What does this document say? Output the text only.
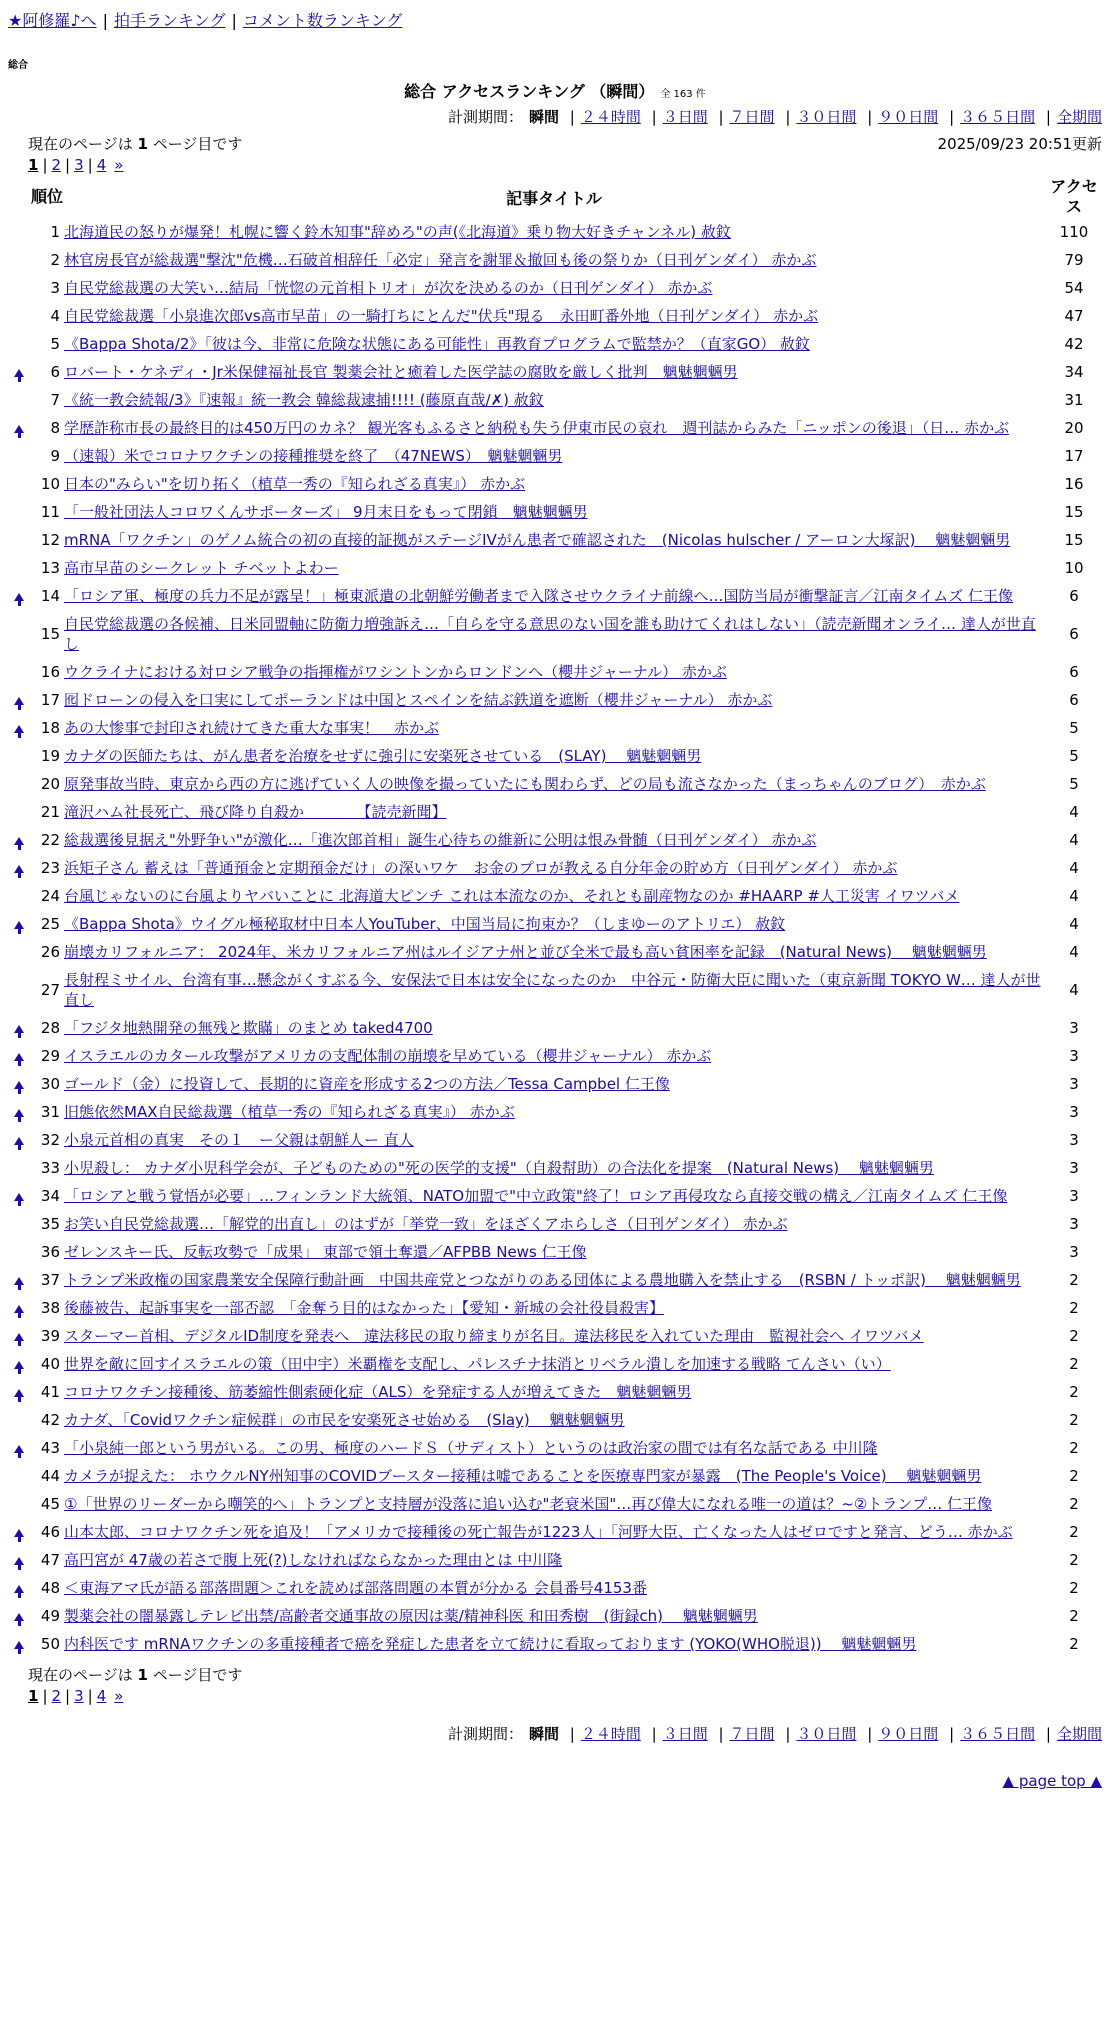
★阿修羅♪へ | 拍手ランキング | コメント数ランキング
総合
総合 アクセスランキング （瞬間） 全 163 件
計測期間： 瞬間 | ２４時間 | ３日間 | ７日間 | ３０日間 | ９０日間 | ３６５日間 | 全期間
現在のページは 1 ページ目です	2025/09/23 20:51更新
1 | 2 | 3 | 4 »
	順位	記事タイトル	アクセス
	1	北海道民の怒りが爆発！札幌に響く鈴木知事"辞めろ"の声(《北海道》乗り物大好きチャンネル) 赦鈫	110
	2	林官房長官が総裁選"撃沈"危機…石破首相辞任「必定」発言を謝罪＆撤回も後の祭りか（日刊ゲンダイ） 赤かぶ	79
	3	自民党総裁選の大笑い…結局「恍惚の元首相トリオ」が次を決めるのか（日刊ゲンダイ） 赤かぶ	54
	4	自民党総裁選「小泉進次郎vs高市早苗」の一騎打ちにとんだ"伏兵"現る　永田町番外地（日刊ゲンダイ） 赤かぶ	47
	5	《Bappa Shota/2》「彼は今、非常に危険な状態にある可能性」再教育プログラムで監禁か？（直家GO） 赦鈫	42
	6	ロバート・ケネディ・Jr米保健福祉長官 製薬会社と癒着した医学誌の腐敗を厳しく批判　魑魅魍魎男	34
	7	《統一教会続報/3》『速報』統一教会 韓総裁逮捕!!!! (藤原直哉/✗) 赦鈫	31
	8	学歴詐称市長の最終目的は450万円のカネ？ 観光客もふるさと納税も失う伊東市民の哀れ　週刊誌からみた「ニッポンの後退」（日… 赤かぶ	20
	9	（速報）米でコロナワクチンの接種推奨を終了　（47NEWS）　魑魅魍魎男	17
	10	日本の"みらい"を切り拓く（植草一秀の『知られざる真実』） 赤かぶ	16
	11	「一般社団法人コロワくんサポーターズ」 9月末日をもって閉鎖　魑魅魍魎男	15
	12	mRNA「ワクチン」のゲノム統合の初の直接的証拠がステージIVがん患者で確認された　(Nicolas hulscher / アーロン大塚訳)　 魑魅魍魎男	15
	13	高市早苗のシークレット チベットよわー	10
	14	「ロシア軍、極度の兵力不足が露呈！」極東派遣の北朝鮮労働者まで入隊させウクライナ前線へ…国防当局が衝撃証言／江南タイムズ 仁王像	6
	15	自民党総裁選の各候補、日米同盟軸に防衛力増強訴え…「自らを守る意思のない国を誰も助けてくれはしない」（読売新聞オンライ… 達人が世直し	6
	16	ウクライナにおける対ロシア戦争の指揮権がワシントンからロンドンへ（櫻井ジャーナル） 赤かぶ	6
	17	囮ドローンの侵入を口実にしてポーランドは中国とスペインを結ぶ鉄道を遮断（櫻井ジャーナル） 赤かぶ	6
	18	あの大惨事で封印され続けてきた重大な事実！　赤かぶ	5
	19	カナダの医師たちは、がん患者を治療をせずに強引に安楽死させている　(SLAY)　 魑魅魍魎男	5
	20	原発事故当時、東京から西の方に逃げていく人の映像を撮っていたにも関わらず、どの局も流さなかった（まっちゃんのブログ）　赤かぶ	5
	21	滝沢ハム社長死亡、飛び降り自殺か　　　　【読売新聞】	4
	22	総裁選後見据え"外野争い"が激化…「進次郎首相」誕生心待ちの維新に公明は恨み骨髄（日刊ゲンダイ） 赤かぶ	4
	23	浜矩子さん 蓄えは「普通預金と定期預金だけ」の深いワケ　お金のプロが教える自分年金の貯め方（日刊ゲンダイ） 赤かぶ	4
	24	台風じゃないのに台風よりヤバいことに 北海道大ピンチ これは本流なのか、それとも副産物なのか #HAARP #人工災害 イワツバメ	4
	25	《Bappa Shota》ウイグル極秘取材中日本人YouTuber、中国当局に拘束か？（しまゆーのアトリエ） 赦鈫	4
	26	崩壊カリフォルニア： 2024年、米カリフォルニア州はルイジアナ州と並び全米で最も高い貧困率を記録　(Natural News)　 魑魅魍魎男	4
	27	長射程ミサイル、台湾有事…懸念がくすぶる今、安保法で日本は安全になったのか　中谷元・防衛大臣に聞いた（東京新聞 TOKYO W… 達人が世直し	4
	28	「フジタ地熱開発の無残と欺瞞」のまとめ taked4700	3
	29	イスラエルのカタール攻撃がアメリカの支配体制の崩壊を早めている（櫻井ジャーナル） 赤かぶ	3
	30	ゴールド（金）に投資して、長期的に資産を形成する2つの方法／Tessa Campbel 仁王像	3
	31	旧態依然MAX自民総裁選（植草一秀の『知られざる真実』） 赤かぶ	3
	32	小泉元首相の真実　その１　ー父親は朝鮮人ー 直人	3
	33	小児殺し： カナダ小児科学会が、子どものための"死の医学的支援"（自殺幇助）の合法化を提案　(Natural News)　 魑魅魍魎男	3
	34	「ロシアと戦う覚悟が必要」…フィンランド大統領、NATO加盟で"中立政策"終了！ロシア再侵攻なら直接交戦の構え／江南タイムズ 仁王像	3
	35	お笑い自民党総裁選…「解党的出直し」のはずが「挙党一致」をほざくアホらしさ（日刊ゲンダイ） 赤かぶ	3
	36	ゼレンスキー氏、反転攻勢で「成果」 東部で領土奪還／AFPBB News 仁王像	3
	37	トランプ米政権の国家農業安全保障行動計画　中国共産党とつながりのある団体による農地購入を禁止する　(RSBN / トッポ訳)　 魑魅魍魎男	2
	38	後藤被告、起訴事実を一部否認　「金奪う目的はなかった」【愛知・新城の会社役員殺害】	2
	39	スターマー首相、デジタルID制度を発表へ　違法移民の取り締まりが名目。違法移民を入れていた理由　監視社会へ イワツバメ	2
	40	世界を敵に回すイスラエルの策（田中宇）米覇権を支配し、パレスチナ抹消とリベラル潰しを加速する戦略 てんさい（い）	2
	41	コロナワクチン接種後、筋萎縮性側索硬化症（ALS）を発症する人が増えてきた　魑魅魍魎男	2
	42	カナダ、「Covidワクチン症候群」の市民を安楽死させ始める　(Slay)　 魑魅魍魎男	2
	43	「小泉純一郎という男がいる。この男、極度のハードＳ（サディスト）というのは政治家の間では有名な話である 中川隆	2
	44	カメラが捉えた： ホウクルNY州知事のCOVIDブースター接種は嘘であることを医療専門家が暴露　(The People's Voice)　 魑魅魍魎男	2
	45	①「世界のリーダーから嘲笑的へ」トランプと支持層が没落に追い込む"老衰米国"…再び偉大になれる唯一の道は？~②トランプ… 仁王像	2
	46	山本太郎、コロナワクチン死を追及！「アメリカで接種後の死亡報告が1223人」「河野大臣、亡くなった人はゼロですと発言、どう… 赤かぶ	2
	47	高円宮が 47歳の若さで腹上死(?)しなければならなかった理由とは 中川隆	2
	48	＜東海アマ氏が語る部落問題＞これを読めば部落問題の本質が分かる 会員番号4153番	2
	49	製薬会社の闇暴露しテレビ出禁/高齢者交通事故の原因は薬/精神科医 和田秀樹　(街録ch)　 魑魅魍魎男	2
	50	内科医です mRNAワクチンの多重接種者で癌を発症した患者を立て続けに看取っております (YOKO(WHO脱退))　 魑魅魍魎男	2
現在のページは 1 ページ目です
1 | 2 | 3 | 4 »
計測期間： 瞬間 | ２４時間 | ３日間 | ７日間 | ３０日間 | ９０日間 | ３６５日間 | 全期間
▲ page top ▲
